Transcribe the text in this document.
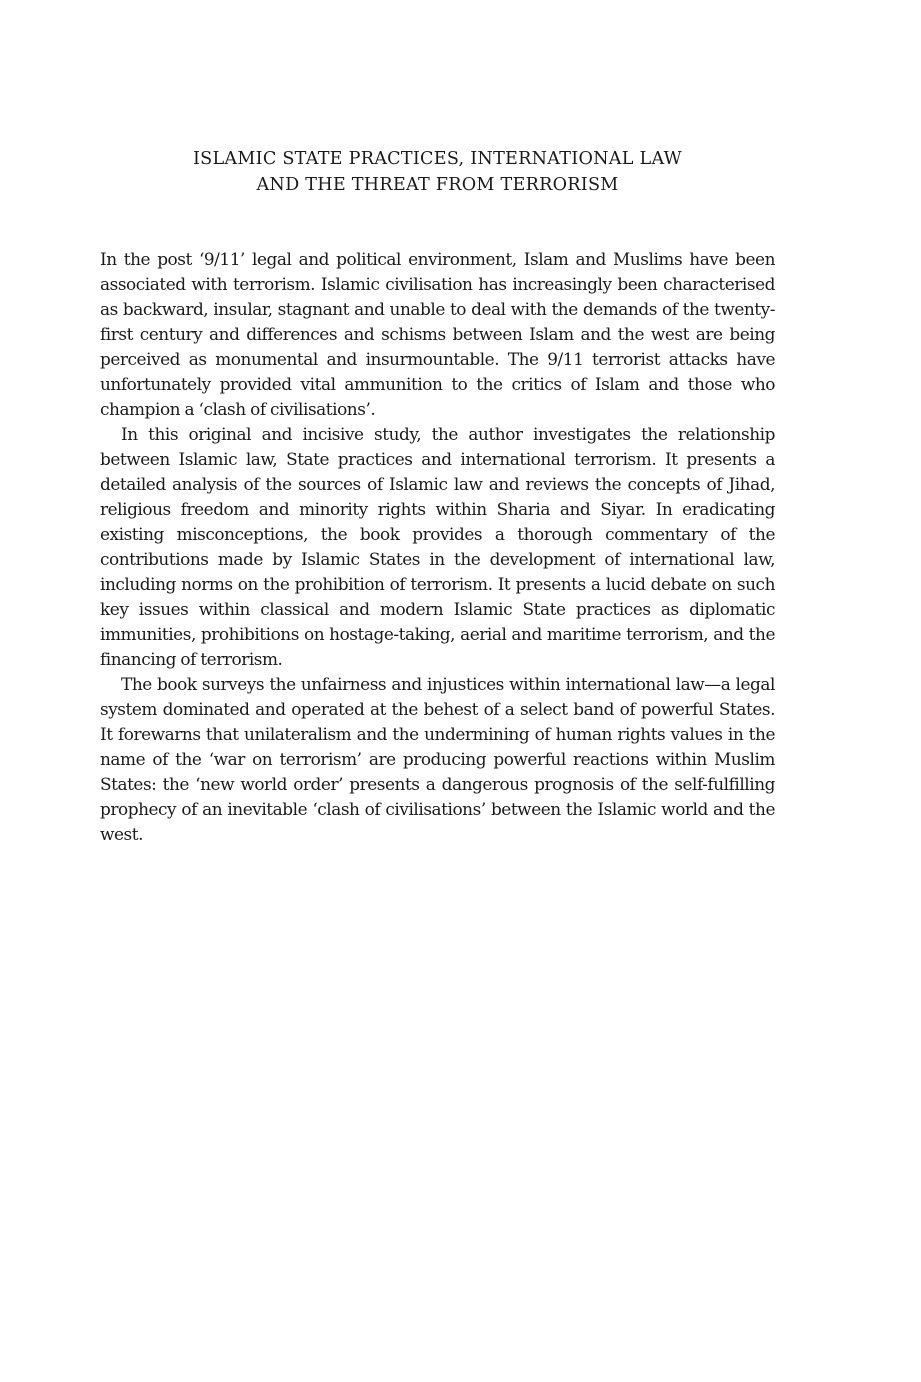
ISLAMIC STATE PRACTICES, INTERNATIONAL LAW
AND THE THREAT FROM TERRORISM

In the post ‘9/11’ legal and political environment, Islam and Muslims have been associated with terrorism. Islamic civilisation has increasingly been characterised as backward, insular, stagnant and unable to deal with the demands of the twenty-first century and differences and schisms between Islam and the west are being perceived as monumental and insurmountable. The 9/11 terrorist attacks have unfortunately provided vital ammunition to the critics of Islam and those who champion a ‘clash of civilisations’.

In this original and incisive study, the author investigates the relationship between Islamic law, State practices and international terrorism. It presents a detailed analysis of the sources of Islamic law and reviews the concepts of Jihad, religious freedom and minority rights within Sharia and Siyar. In eradicating existing misconceptions, the book provides a thorough commentary of the contributions made by Islamic States in the development of international law, including norms on the prohibition of terrorism. It presents a lucid debate on such key issues within classical and modern Islamic State practices as diplomatic immunities, prohibitions on hostage-taking, aerial and maritime terrorism, and the financing of terrorism.

The book surveys the unfairness and injustices within international law—a legal system dominated and operated at the behest of a select band of powerful States. It forewarns that unilateralism and the undermining of human rights values in the name of the ‘war on terrorism’ are producing powerful reactions within Muslim States: the ‘new world order’ presents a dangerous prognosis of the self-fulfilling prophecy of an inevitable ‘clash of civilisations’ between the Islamic world and the west.
